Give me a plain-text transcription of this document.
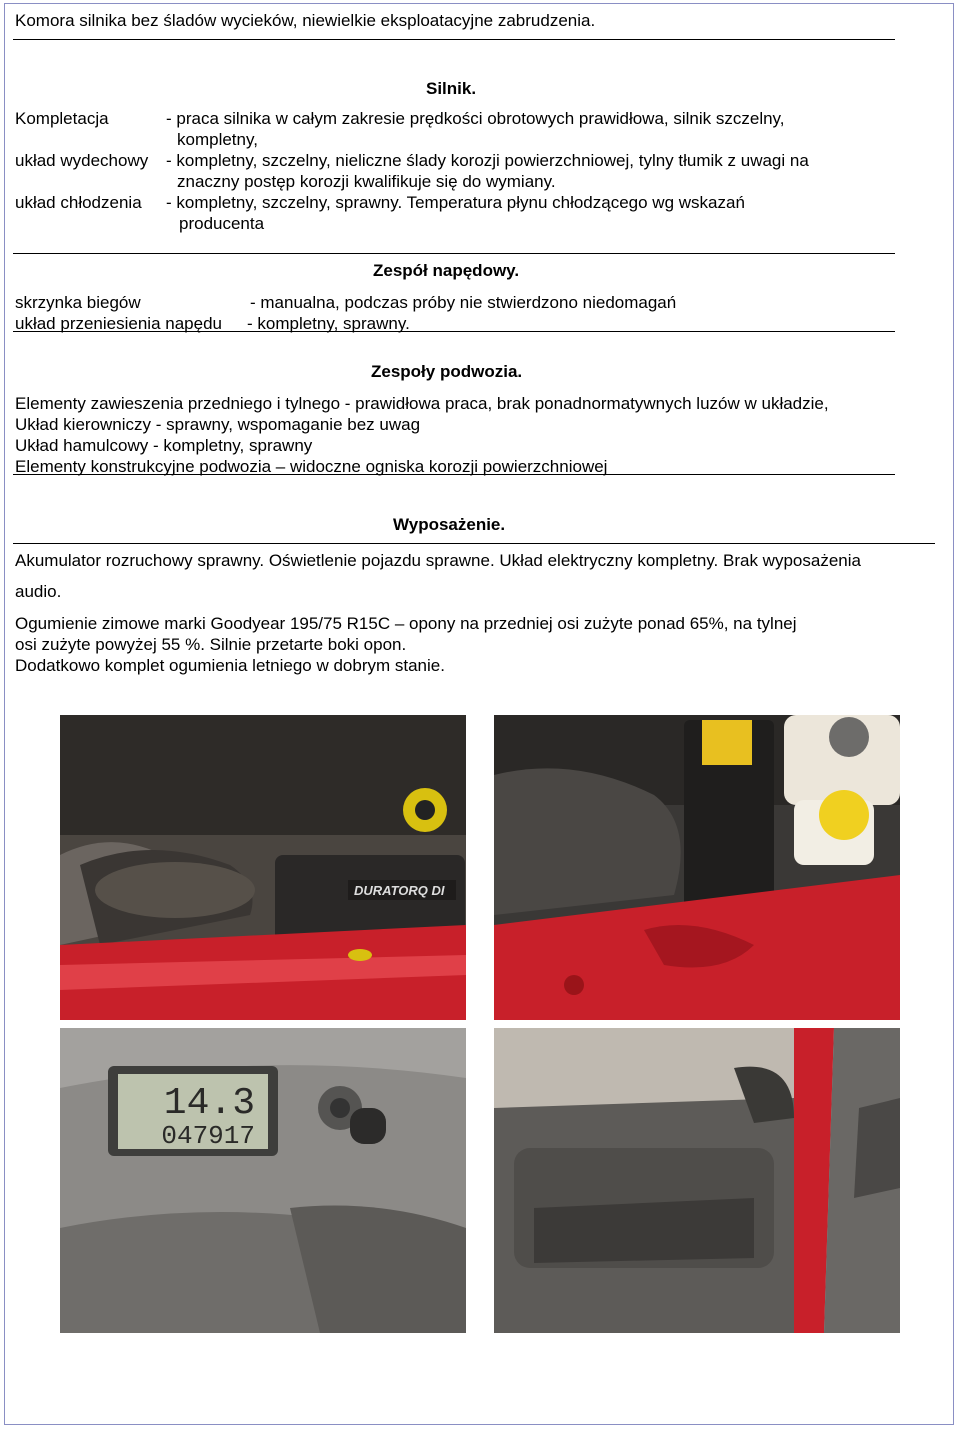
Komora silnika bez śladów wycieków, niewielkie eksploatacyjne zabrudzenia.
Silnik.
Kompletacja	- praca silnika w całym zakresie prędkości obrotowych prawidłowa, silnik szczelny,
kompletny,
układ wydechowy - kompletny, szczelny, nieliczne ślady korozji powierzchniowej, tylny tłumik z uwagi na
znaczny postęp korozji kwalifikuje się do wymiany.
układ chłodzenia - kompletny, szczelny, sprawny. Temperatura płynu chłodzącego wg wskazań
producenta
Zespół napędowy.
skrzynka biegów	- manualna, podczas próby nie stwierdzono niedomagań
układ przeniesienia napędu - kompletny, sprawny.
Zespoły podwozia.
Elementy zawieszenia przedniego i tylnego - prawidłowa praca, brak ponadnormatywnych luzów w układzie,
Układ kierowniczy - sprawny, wspomaganie bez uwag
Układ hamulcowy - kompletny, sprawny
Elementy konstrukcyjne podwozia – widoczne ogniska korozji powierzchniowej
Wyposażenie.
Akumulator rozruchowy sprawny. Oświetlenie pojazdu sprawne. Układ elektryczny kompletny. Brak wyposażenia
audio.
Ogumienie zimowe marki Goodyear 195/75 R15C – opony na przedniej osi zużyte ponad 65%, na tylnej
osi zużyte powyżej 55 %. Silnie przetarte boki opon.
Dodatkowo komplet ogumienia letniego w dobrym stanie.
DURATORQ DI
14.3
047917
